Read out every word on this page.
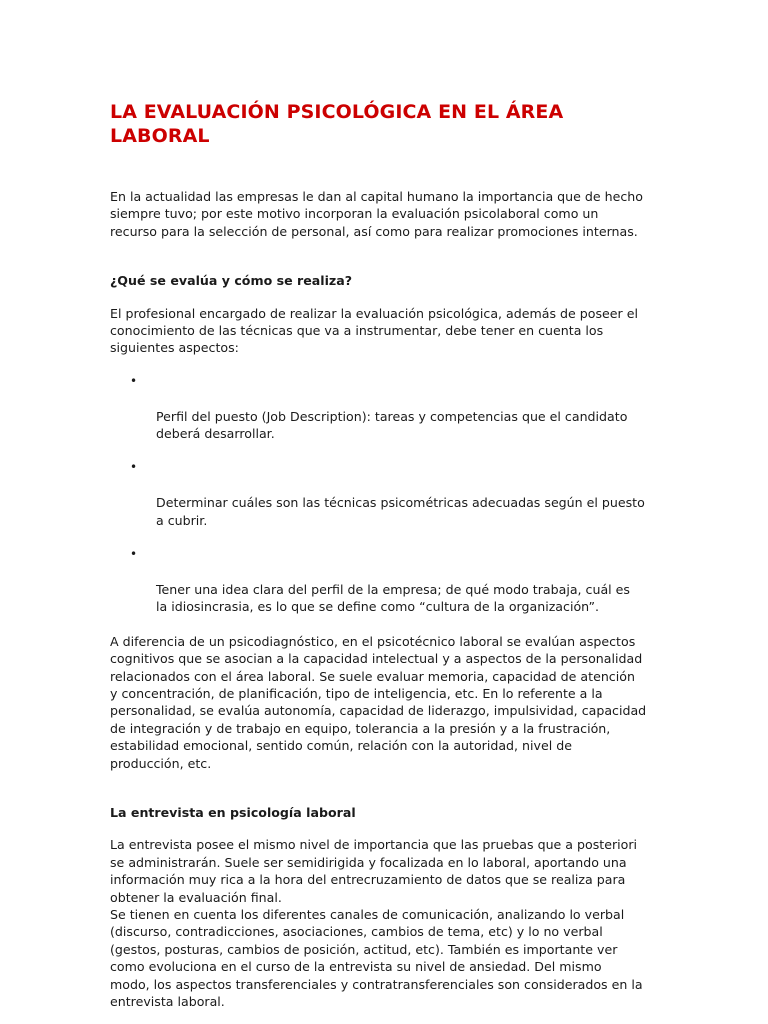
LA EVALUACIÓN PSICOLÓGICA EN EL ÁREA
LABORAL

En la actualidad las empresas le dan al capital humano la importancia que de hecho
siempre tuvo; por este motivo incorporan la evaluación psicolaboral como un
recurso para la selección de personal, así como para realizar promociones internas.

¿Qué se evalúa y cómo se realiza?

El profesional encargado de realizar la evaluación psicológica, además de poseer el
conocimiento de las técnicas que va a instrumentar, debe tener en cuenta los
siguientes aspectos:

•

Perfil del puesto (Job Description): tareas y competencias que el candidato
deberá desarrollar.

•

Determinar cuáles son las técnicas psicométricas adecuadas según el puesto
a cubrir.

•

Tener una idea clara del perfil de la empresa; de qué modo trabaja, cuál es
la idiosincrasia, es lo que se define como “cultura de la organización”.

A diferencia de un psicodiagnóstico, en el psicotécnico laboral se evalúan aspectos
cognitivos que se asocian a la capacidad intelectual y a aspectos de la personalidad
relacionados con el área laboral. Se suele evaluar memoria, capacidad de atención
y concentración, de planificación, tipo de inteligencia, etc. En lo referente a la
personalidad, se evalúa autonomía, capacidad de liderazgo, impulsividad, capacidad
de integración y de trabajo en equipo, tolerancia a la presión y a la frustración,
estabilidad emocional, sentido común, relación con la autoridad, nivel de
producción, etc.

La entrevista en psicología laboral

La entrevista posee el mismo nivel de importancia que las pruebas que a posteriori
se administrarán. Suele ser semidirigida y focalizada en lo laboral, aportando una
información muy rica a la hora del entrecruzamiento de datos que se realiza para
obtener la evaluación final.
Se tienen en cuenta los diferentes canales de comunicación, analizando lo verbal
(discurso, contradicciones, asociaciones, cambios de tema, etc) y lo no verbal
(gestos, posturas, cambios de posición, actitud, etc). También es importante ver
como evoluciona en el curso de la entrevista su nivel de ansiedad. Del mismo
modo, los aspectos transferenciales y contratransferenciales son considerados en la
entrevista laboral.
